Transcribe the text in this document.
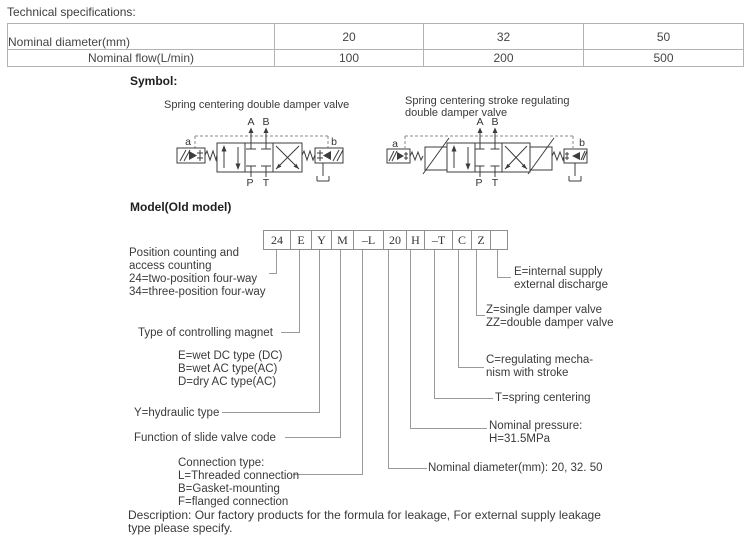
Technical specifications:
Nominal diameter(mm)	20	32	50
Nominal flow(L/min)	100	200	500
Symbol:
Spring centering double damper valve	Spring centering stroke regulating
double damper valve
A B
P T
a	b
A B
P T
a	b
Model(Old model)
24	E	Y M	–L	20 H	–T	C Z
Position counting and
access counting
24=two-position four-way
34=three-position four-way
Type of controlling magnet
E=wet DC type (DC)
B=wet AC type(AC)
D=dry AC type(AC)
Y=hydraulic type
Function of slide valve code
Connection type:
L=Threaded connection
B=Gasket-mounting
F=flanged connection
E=internal supply
external discharge
Z=single damper valve
ZZ=double damper valve
C=regulating mecha-
nism with stroke
T=spring centering
Nominal pressure:
H=31.5MPa
Nominal diameter(mm): 20, 32. 50
Description: Our factory products for the formula for leakage, For external supply leakage
type please specify.
